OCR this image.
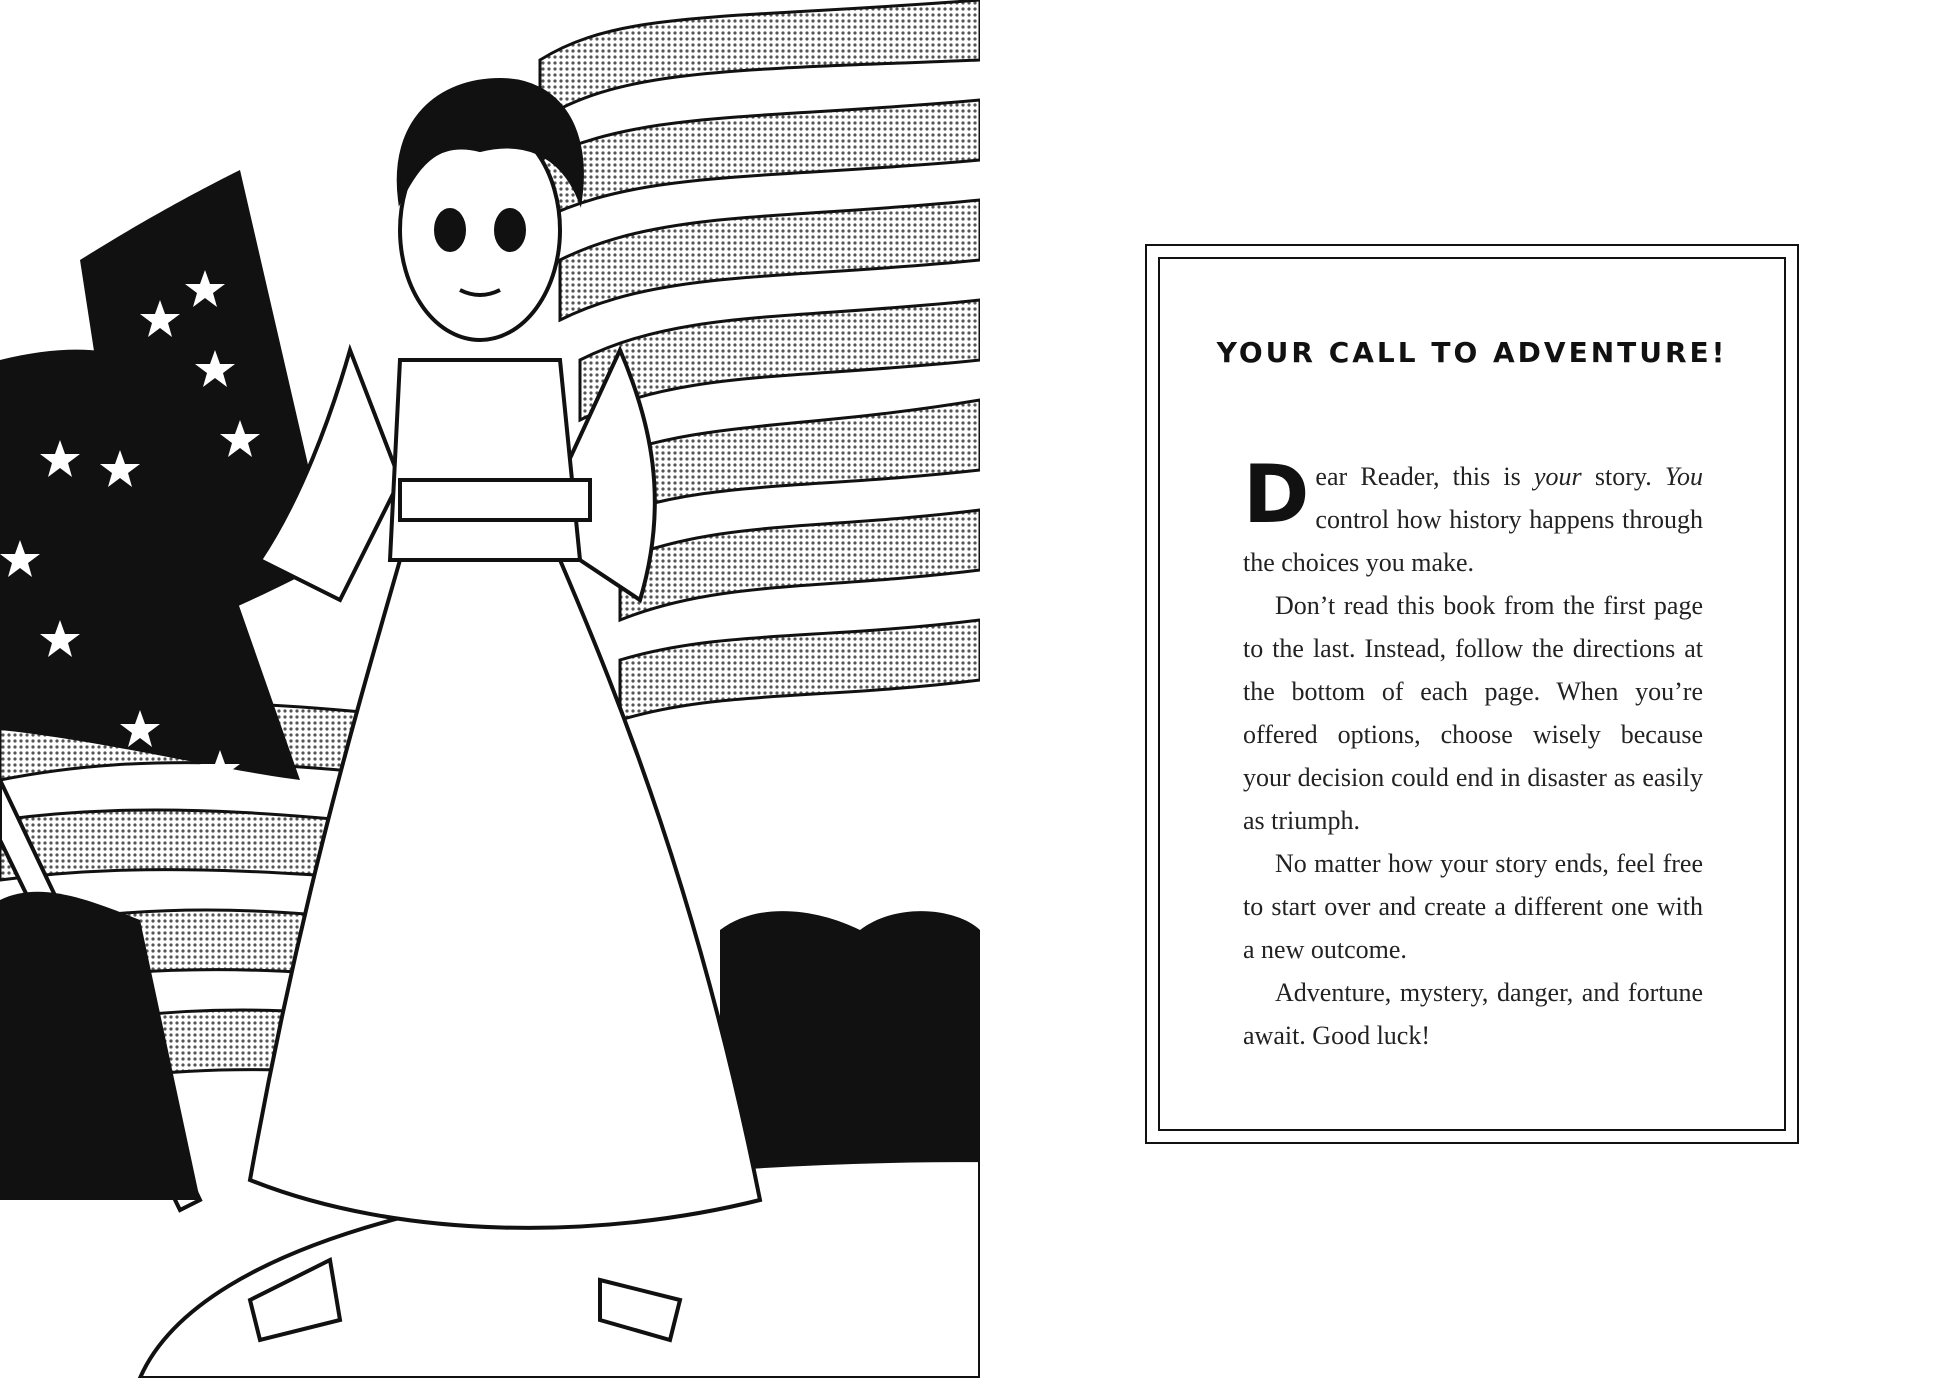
YOUR CALL TO ADVENTURE!

Dear Reader, this is your story. You control how history happens through the choices you make.

Don’t read this book from the first page to the last. Instead, follow the directions at the bottom of each page. When you’re offered options, choose wisely because your decision could end in disaster as easily as triumph.

No matter how your story ends, feel free to start over and create a different one with a new outcome.

Adventure, mystery, danger, and fortune await. Good luck!
